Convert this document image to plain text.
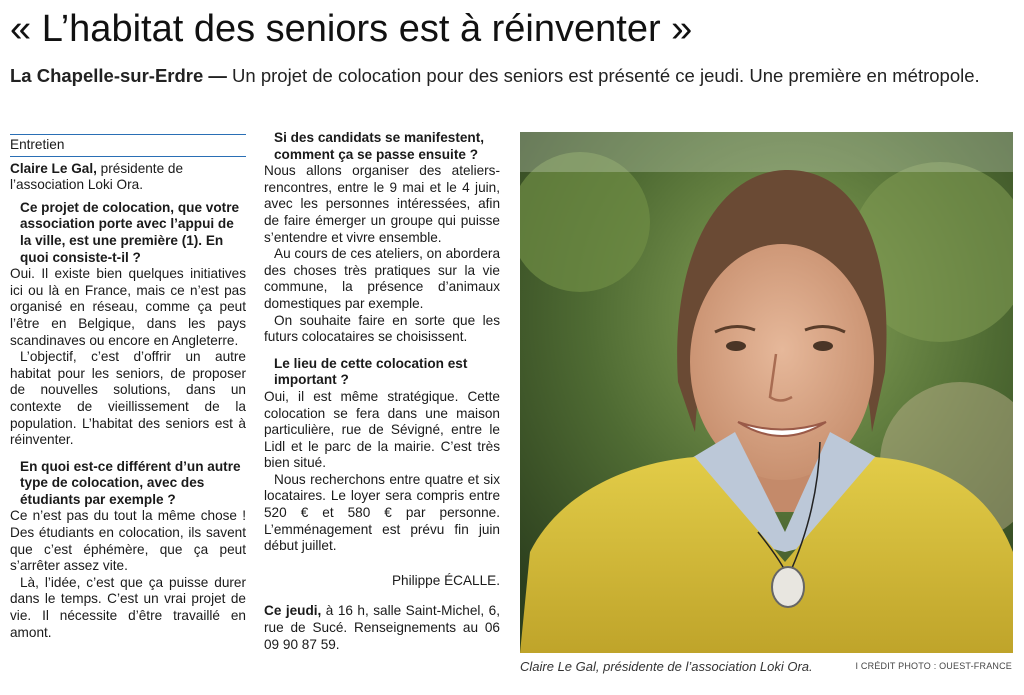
« L’habitat des seniors est à réinventer »
La Chapelle-sur-Erdre — Un projet de colocation pour des seniors est présenté ce jeudi. Une première en métropole.
Entretien

Claire Le Gal, présidente de l’association Loki Ora.

Ce projet de colocation, que votre association porte avec l’appui de la ville, est une première (1). En quoi consiste-t-il ?

Oui. Il existe bien quelques initiatives ici ou là en France, mais ce n’est pas organisé en réseau, comme ça peut l’être en Belgique, dans les pays scandinaves ou encore en Angleterre.

L’objectif, c’est d’offrir un autre habitat pour les seniors, de proposer de nouvelles solutions, dans un contexte de vieillissement de la population. L’habitat des seniors est à réinventer.

En quoi est-ce différent d’un autre type de colocation, avec des étudiants par exemple ?

Ce n’est pas du tout la même chose ! Des étudiants en colocation, ils savent que c’est éphémère, que ça peut s’arrêter assez vite.

Là, l’idée, c’est que ça puisse durer dans le temps. C’est un vrai projet de vie. Il nécessite d’être travaillé en amont.

Si des candidats se manifestent, comment ça se passe ensuite ?

Nous allons organiser des ateliers-rencontres, entre le 9 mai et le 4 juin, avec les personnes intéressées, afin de faire émerger un groupe qui puisse s’entendre et vivre ensemble.

Au cours de ces ateliers, on abordera des choses très pratiques sur la vie commune, la présence d’animaux domestiques par exemple.

On souhaite faire en sorte que les futurs colocataires se choisissent.

Le lieu de cette colocation est important ?

Oui, il est même stratégique. Cette colocation se fera dans une maison particulière, rue de Sévigné, entre le Lidl et le parc de la mairie. C’est très bien situé.

Nous recherchons entre quatre et six locataires. Le loyer sera compris entre 520 € et 580 € par personne. L’emménagement est prévu fin juin début juillet.

Philippe ÉCALLE.

Ce jeudi, à 16 h, salle Saint-Michel, 6, rue de Sucé. Renseignements au 06 09 90 87 59.

Claire Le Gal, présidente de l’association Loki Ora.	I CRÉDIT PHOTO : OUEST-FRANCE
